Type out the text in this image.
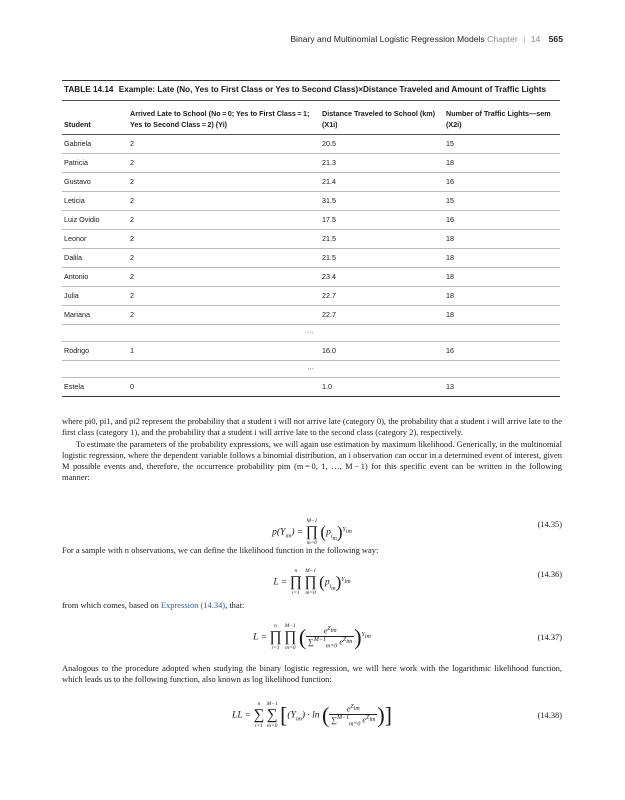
Binary and Multinomial Logistic Regression Models Chapter | 14 565
TABLE 14.14 Example: Late (No, Yes to First Class or Yes to Second Class)×Distance Traveled and Amount of Traffic Lights
Student	Arrived Late to School (No = 0; Yes to First Class = 1; Yes to Second Class = 2) (Yi)	Distance Traveled to School (km) (X1i)	Number of Traffic Lights—sem (X2i)
Gabriela	2	20.5	15
Patricia	2	21.3	18
Gustavo	2	21.4	16
Leticia	2	31.5	15
Luiz Ovidio	2	17.5	16
Leonor	2	21.5	18
Dalila	2	21.5	18
Antonio	2	23.4	18
Julia	2	22.7	18
Mariana	2	22.7	18
…			
Rodrigo	1	16.0	16
…			
Estela	0	1.0	13

where pi0, pi1, and pi2 represent the probability that a student i will not arrive late (category 0), the probability that a student i will arrive late to the first class (category 1), and the probability that a student i will arrive late to the second class (category 2), respectively.

To estimate the parameters of the probability expressions, we will again use estimation by maximum likelihood. Generically, in the multinomial logistic regression, where the dependent variable follows a binomial distribution, an i observation can occur in a determined event of interest, given M possible events and, therefore, the occurrence probability pim (m = 0, 1, …, M − 1) for this specific event can be written in the following manner:

$p(Y_{im})$ =
M−1
∏
m=0
$(p_{i_m})^{Y_{im}}$
(14.35)

For a sample with n observations, we can define the likelihood function in the following way:

L =
n
∏
i=1

M−1
∏
m=0
$(p_{i_m})^{Y_{im}}$
(14.36)

from which comes, based on Expression (14.34), that:

L =
n
∏
i=1

M−1
∏
m=0 ( $\frac{e^{Z_{im}}}{\sum^{M-1}_{m=0} e^{Z_{im}}} )^{Y_{im}}$	(14.37)

Analogous to the procedure adopted when studying the binary logistic regression, we will here work with the logarithmic likelihood function, which leads us to the following function, also known as log likelihood function:

LL =
n
∑
i=1

M−1
∑
m=0 [$(Y_{im}) \cdot \ln$ ( $\frac{e^{Z_{im}}}{\sum^{M-1}_{m=0} e^{Z_{im}}}$ )]	(14.38)
